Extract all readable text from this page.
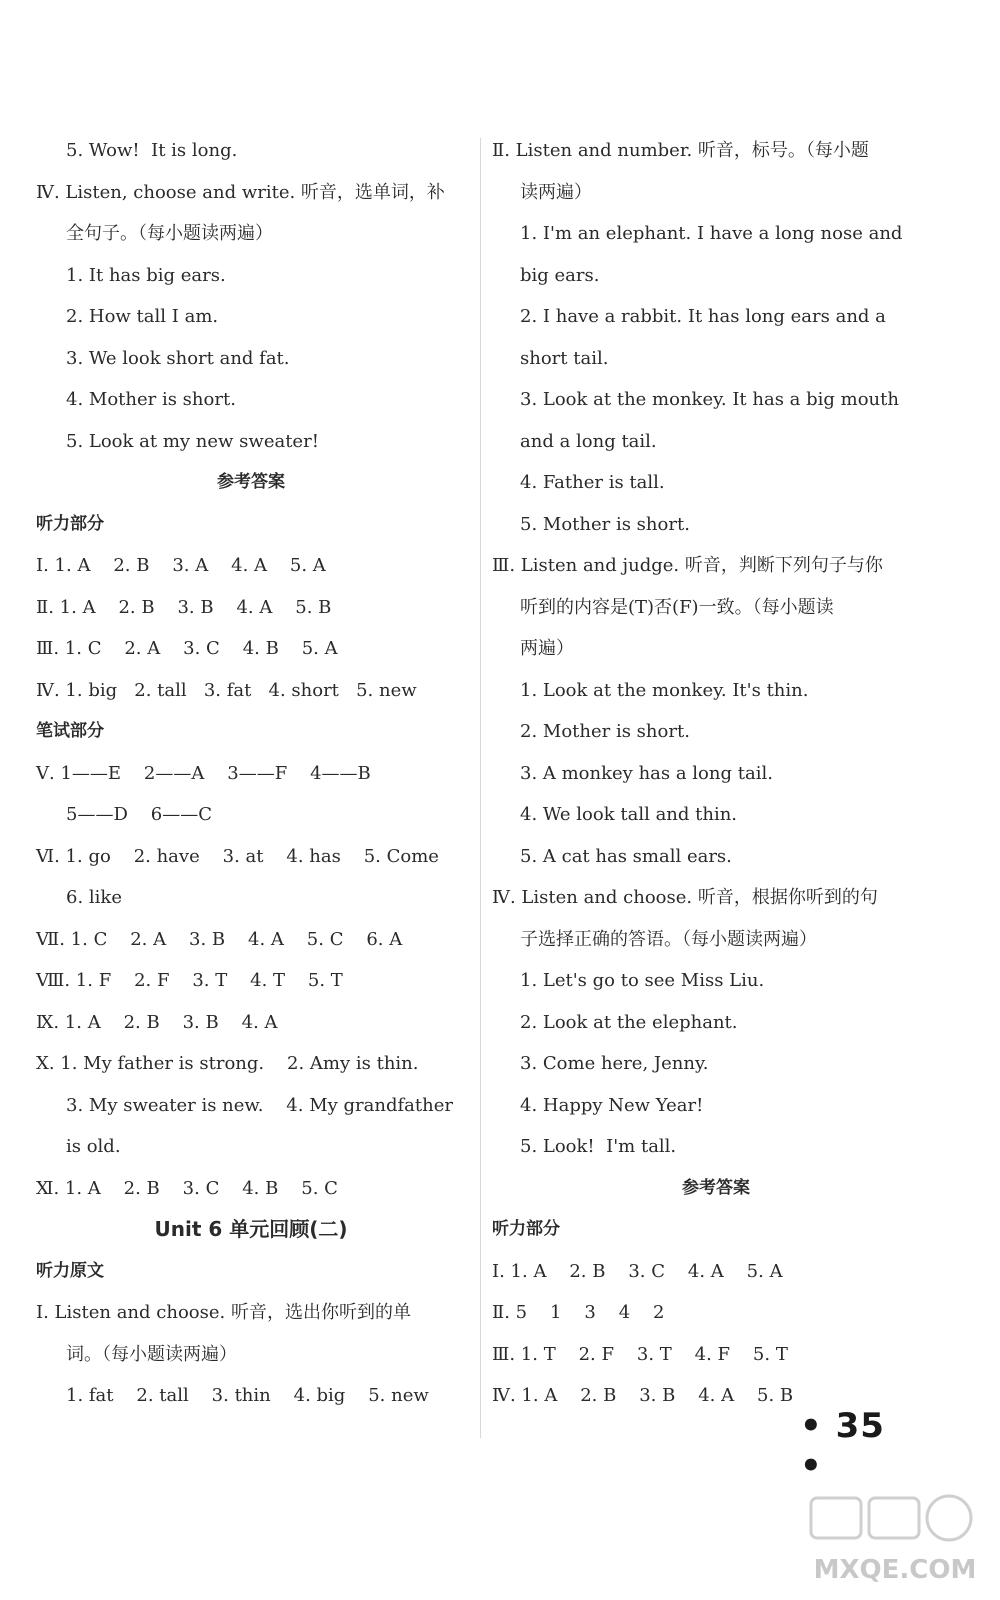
5. Wow!  It is long.
Ⅳ. Listen, choose and write. 听音，选单词，补
全句子。（每小题读两遍）
1. It has big ears.
2. How tall I am.
3. We look short and fat.
4. Mother is short.
5. Look at my new sweater!
参考答案
听力部分
Ⅰ. 1. A    2. B    3. A    4. A    5. A
Ⅱ. 1. A    2. B    3. B    4. A    5. B
Ⅲ. 1. C    2. A    3. C    4. B    5. A
Ⅳ. 1. big   2. tall   3. fat   4. short   5. new
笔试部分
Ⅴ. 1——E    2——A    3——F    4——B
5——D    6——C
Ⅵ. 1. go    2. have    3. at    4. has    5. Come
6. like
Ⅶ. 1. C    2. A    3. B    4. A    5. C    6. A
Ⅷ. 1. F    2. F    3. T    4. T    5. T
Ⅸ. 1. A    2. B    3. B    4. A
Ⅹ. 1. My father is strong.    2. Amy is thin.
3. My sweater is new.    4. My grandfather
is old.
Ⅺ. 1. A    2. B    3. C    4. B    5. C
Unit 6 单元回顾(二)
听力原文
Ⅰ. Listen and choose. 听音，选出你听到的单
词。（每小题读两遍）
1. fat    2. tall    3. thin    4. big    5. new
Ⅱ. Listen and number. 听音，标号。（每小题
读两遍）
1. I'm an elephant. I have a long nose and
big ears.
2. I have a rabbit. It has long ears and a
short tail.
3. Look at the monkey. It has a big mouth
and a long tail.
4. Father is tall.
5. Mother is short.
Ⅲ. Listen and judge. 听音，判断下列句子与你
听到的内容是(T)否(F)一致。（每小题读
两遍）
1. Look at the monkey. It's thin.
2. Mother is short.
3. A monkey has a long tail.
4. We look tall and thin.
5. A cat has small ears.
Ⅳ. Listen and choose. 听音，根据你听到的句
子选择正确的答语。（每小题读两遍）
1. Let's go to see Miss Liu.
2. Look at the elephant.
3. Come here, Jenny.
4. Happy New Year!
5. Look!  I'm tall.
参考答案
听力部分
Ⅰ. 1. A    2. B    3. C    4. A    5. A
Ⅱ. 5    1    3    4    2
Ⅲ. 1. T    2. F    3. T    4. F    5. T
Ⅳ. 1. A    2. B    3. B    4. A    5. B
• 35 •
MXQE.COM
